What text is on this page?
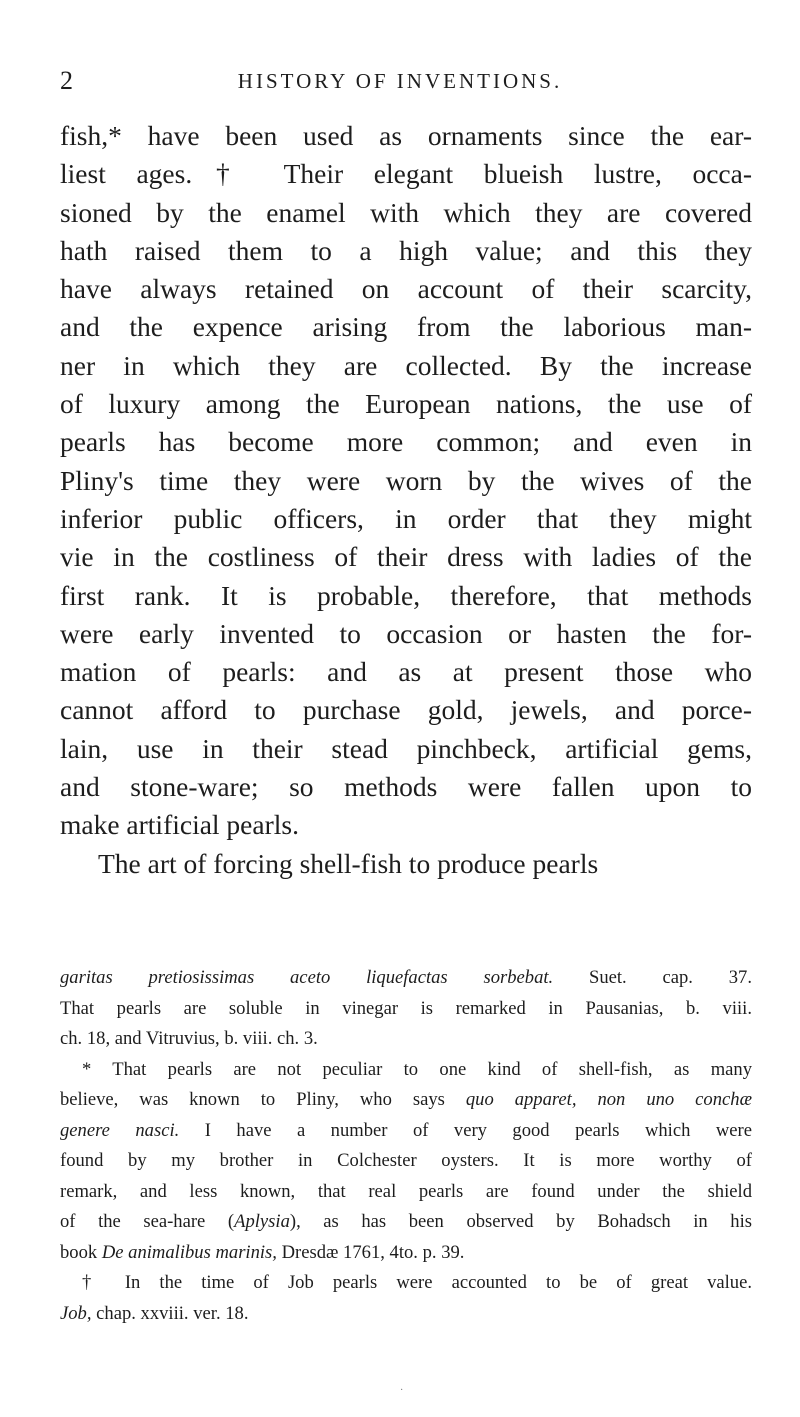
2	HISTORY OF INVENTIONS.
fish,* have been used as ornaments since the ear-
liest ages.† Their elegant blueish lustre, occa-
sioned by the enamel with which they are covered
hath raised them to a high value; and this they
have always retained on account of their scarcity,
and the expence arising from the laborious man-
ner in which they are collected. By the increase
of luxury among the European nations, the use of
pearls has become more common; and even in
Pliny's time they were worn by the wives of the
inferior public officers, in order that they might
vie in the costliness of their dress with ladies of the
first rank. It is probable, therefore, that methods
were early invented to occasion or hasten the for-
mation of pearls: and as at present those who
cannot afford to purchase gold, jewels, and porce-
lain, use in their stead pinchbeck, artificial gems,
and stone-ware; so methods were fallen upon to
make artificial pearls.
The art of forcing shell-fish to produce pearls
garitas pretiosissimas aceto liquefactas sorbebat. Suet. cap. 37.
That pearls are soluble in vinegar is remarked in Pausanias, b. viii.
ch. 18, and Vitruvius, b. viii. ch. 3.
* That pearls are not peculiar to one kind of shell-fish, as many
believe, was known to Pliny, who says quo apparet, non uno conchæ
genere nasci. I have a number of very good pearls which were
found by my brother in Colchester oysters. It is more worthy of
remark, and less known, that real pearls are found under the shield
of the sea-hare (Aplysia), as has been observed by Bohadsch in his
book De animalibus marinis, Dresdæ 1761, 4to. p. 39.
† In the time of Job pearls were accounted to be of great value.
Job, chap. xxviii. ver. 18.
·
